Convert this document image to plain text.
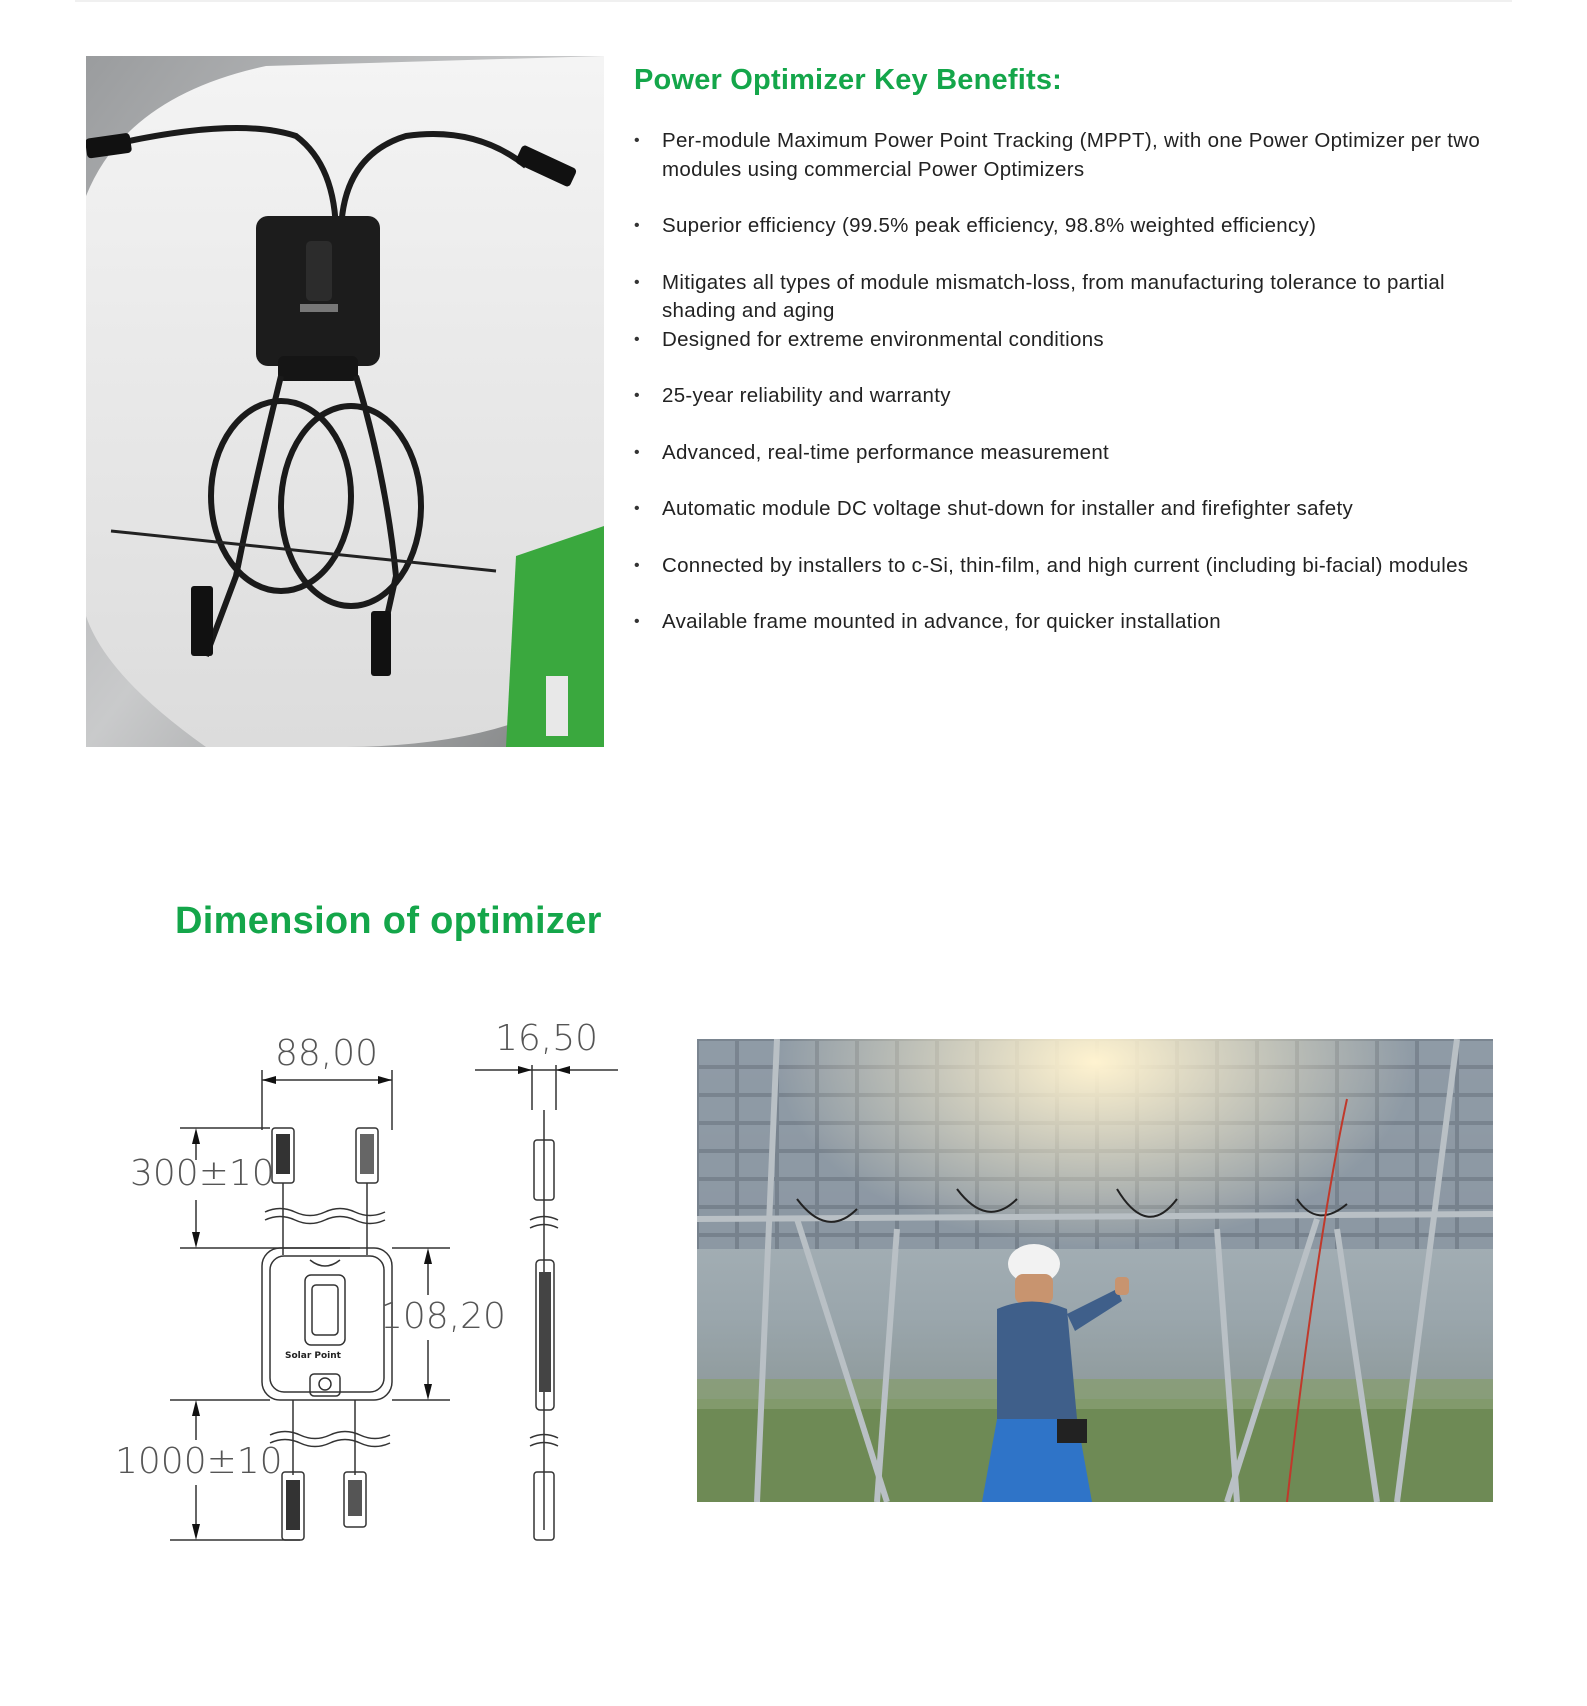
Power Optimizer Key Benefits:
• Per-module Maximum Power Point Tracking (MPPT), with one Power Optimizer per two modules using commercial Power Optimizers
• Superior efficiency (99.5% peak efficiency, 98.8% weighted efficiency)
• Mitigates all types of module mismatch-loss, from manufacturing tolerance to partial shading and aging
• Designed for extreme environmental conditions
• 25-year reliability and warranty
• Advanced, real-time performance measurement
• Automatic module DC voltage shut-down for installer and firefighter safety
• Connected by installers to c-Si, thin-film, and high current (including bi-facial) modules
• Available frame mounted in advance, for quicker installation
Dimension of optimizer
88,00	16,50
300±10
Solar Point
108,20
1000±10
